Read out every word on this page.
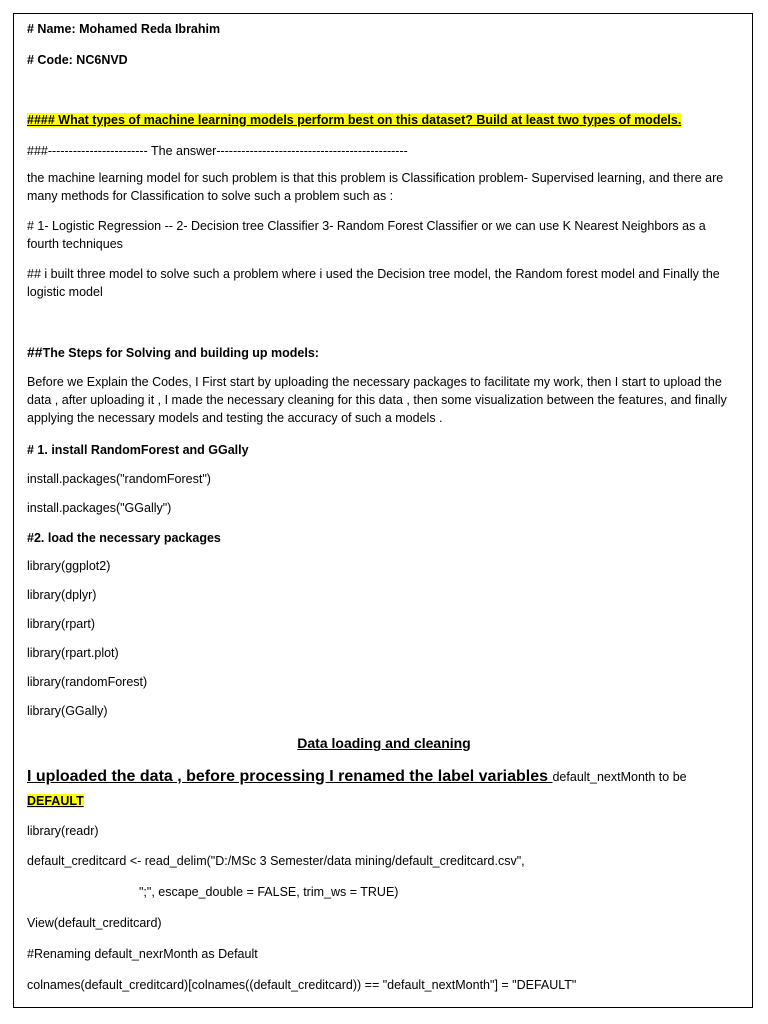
# Name: Mohamed Reda Ibrahim
# Code: NC6NVD
#### What types of machine learning models perform best on this dataset? Build at least two types of models.
###------------------------ The answer----------------------------------------------
the machine learning model for such problem is that this problem is Classification problem- Supervised learning, and there are many methods for Classification to solve such a problem such as :
# 1- Logistic Regression -- 2- Decision tree Classifier 3- Random Forest Classifier or we can use K Nearest Neighbors as a fourth techniques
## i built three model to solve such a problem where i used the Decision tree model, the Random forest model and Finally the logistic model
##The Steps for Solving and building up models:
Before we Explain the Codes, I First start by uploading the necessary packages to facilitate my work, then I start to upload the data , after uploading it , I made the necessary cleaning for this data , then some visualization between the features, and finally applying the necessary models and testing the accuracy of such a models .
# 1. install RandomForest and GGally
install.packages("randomForest")
install.packages("GGally")
#2. load the necessary packages
library(ggplot2)
library(dplyr)
library(rpart)
library(rpart.plot)
library(randomForest)
library(GGally)
Data loading and cleaning
I uploaded the data , before processing I renamed the label variables default_nextMonth to be
DEFAULT
library(readr)
default_creditcard <- read_delim("D:/MSc 3 Semester/data mining/default_creditcard.csv",
";", escape_double = FALSE, trim_ws = TRUE)
View(default_creditcard)
#Renaming default_nexrMonth as Default
colnames(default_creditcard)[colnames((default_creditcard)) == "default_nextMonth"] = "DEFAULT"
